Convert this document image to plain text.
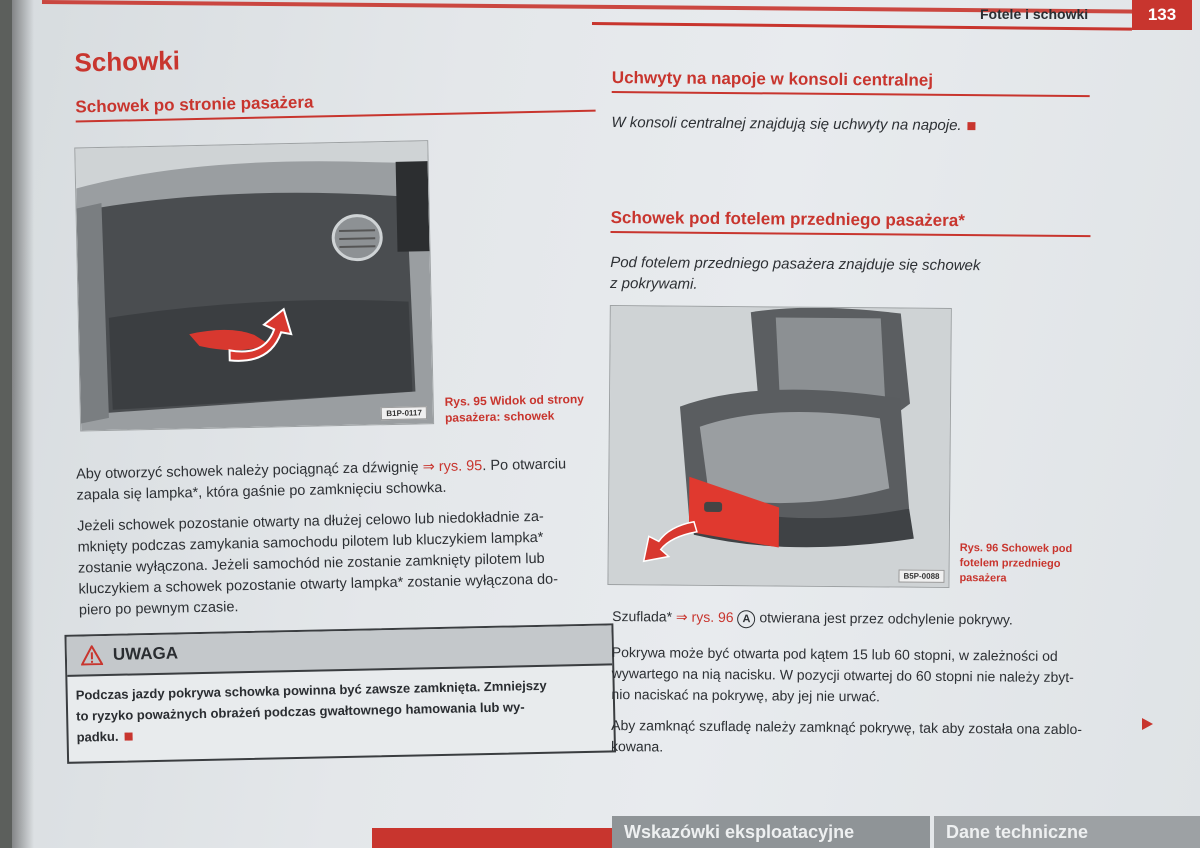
Fotele i schowki	133
Schowki
Schowek po stronie pasażera
B1P-0117
Rys. 95 Widok od strony
pasażera: schowek
Aby otworzyć schowek należy pociągnąć za dźwignię ⇒ rys. 95. Po otwarciu
zapala się lampka*, która gaśnie po zamknięciu schowka.
Jeżeli schowek pozostanie otwarty na dłużej celowo lub niedokładnie za-
mknięty podczas zamykania samochodu pilotem lub kluczykiem lampka*
zostanie wyłączona. Jeżeli samochód nie zostanie zamknięty pilotem lub
kluczykiem a schowek pozostanie otwarty lampka* zostanie wyłączona do-
piero po pewnym czasie.
UWAGA
Podczas jazdy pokrywa schowka powinna być zawsze zamknięta. Zmniejszy
to ryzyko poważnych obrażeń podczas gwałtownego hamowania lub wy-
padku.
Uchwyty na napoje w konsoli centralnej
W konsoli centralnej znajdują się uchwyty na napoje.
Schowek pod fotelem przedniego pasażera*
Pod fotelem przedniego pasażera znajduje się schowek
z pokrywami.
B5P-0088
Rys. 96 Schowek pod
fotelem przedniego
pasażera
Szuflada* ⇒ rys. 96 A otwierana jest przez odchylenie pokrywy.
Pokrywa może być otwarta pod kątem 15 lub 60 stopni, w zależności od
wywartego na nią nacisku. W pozycji otwartej do 60 stopni nie należy zbyt-
nio naciskać na pokrywę, aby jej nie urwać.
Aby zamknąć szufladę należy zamknąć pokrywę, tak aby została ona zablo-
kowana.
Wskazówki eksploatacyjne	Dane techniczne
